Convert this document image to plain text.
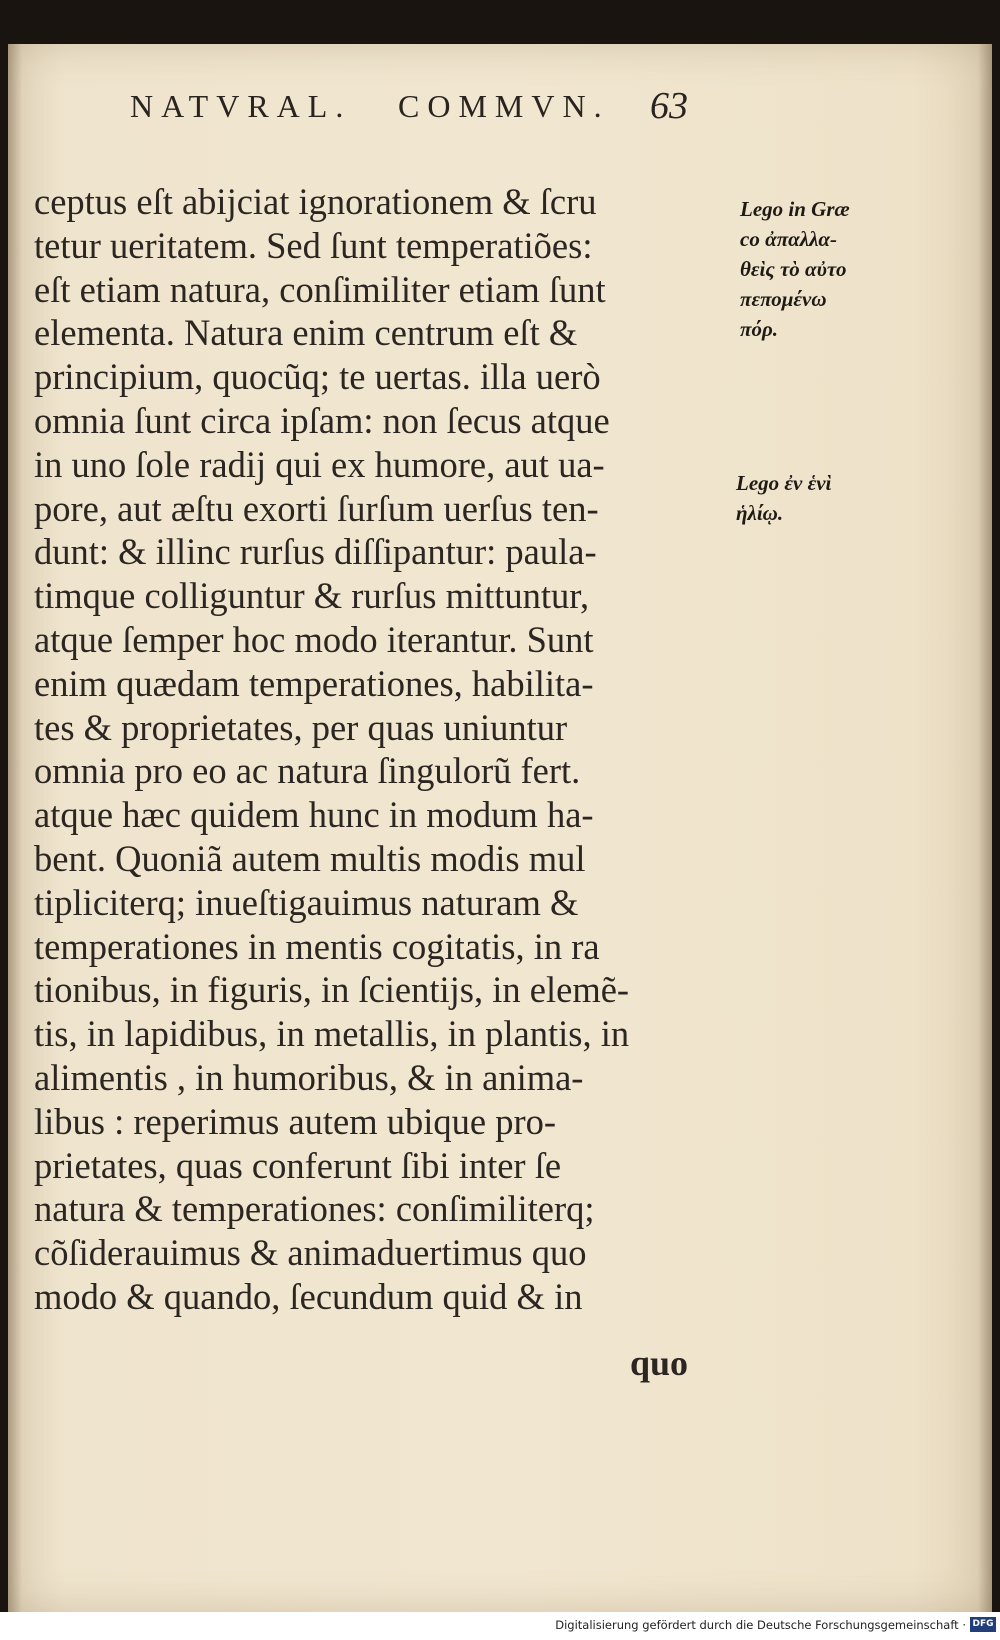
NATVRAL. COMMVN. 63
ceptus eſt abijciat ignorationem & ſcru
tetur ueritatem. Sed ſunt temperatiões:
eſt etiam natura, conſimiliter etiam ſunt
elementa. Natura enim centrum eſt &
principium, quocũq; te uertas. illa uerò
omnia ſunt circa ipſam: non ſecus atque
in uno ſole radij qui ex humore, aut ua-
pore, aut æſtu exorti ſurſum uerſus ten-
dunt: & illinc rurſus diſſipantur: paula-
timque colliguntur & rurſus mittuntur,
atque ſemper hoc modo iterantur. Sunt
enim quædam temperationes, habilita-
tes & proprietates, per quas uniuntur
omnia pro eo ac natura ſingulorũ fert.
atque hæc quidem hunc in modum ha-
bent. Quoniã autem multis modis mul
tipliciterq; inueſtigauimus naturam &
temperationes in mentis cogitatis, in ra
tionibus, in figuris, in ſcientijs, in elemẽ-
tis, in lapidibus, in metallis, in plantis, in
alimentis , in humoribus, & in anima-
libus : reperimus autem ubique pro-
prietates, quas conferunt ſibi inter ſe
natura & temperationes: conſimiliterq;
cõſiderauimus & animaduertimus quo
modo & quando, ſecundum quid & in
quo
Lego in Græ
co ἀπαλλα-
θεὶς τὸ αὐτο
πεπομένω
πόρ.
Lego ἐν ἑνὶ
ἡλίῳ.
Digitalisierung gefördert durch die Deutsche Forschungsgemeinschaft · DFG
